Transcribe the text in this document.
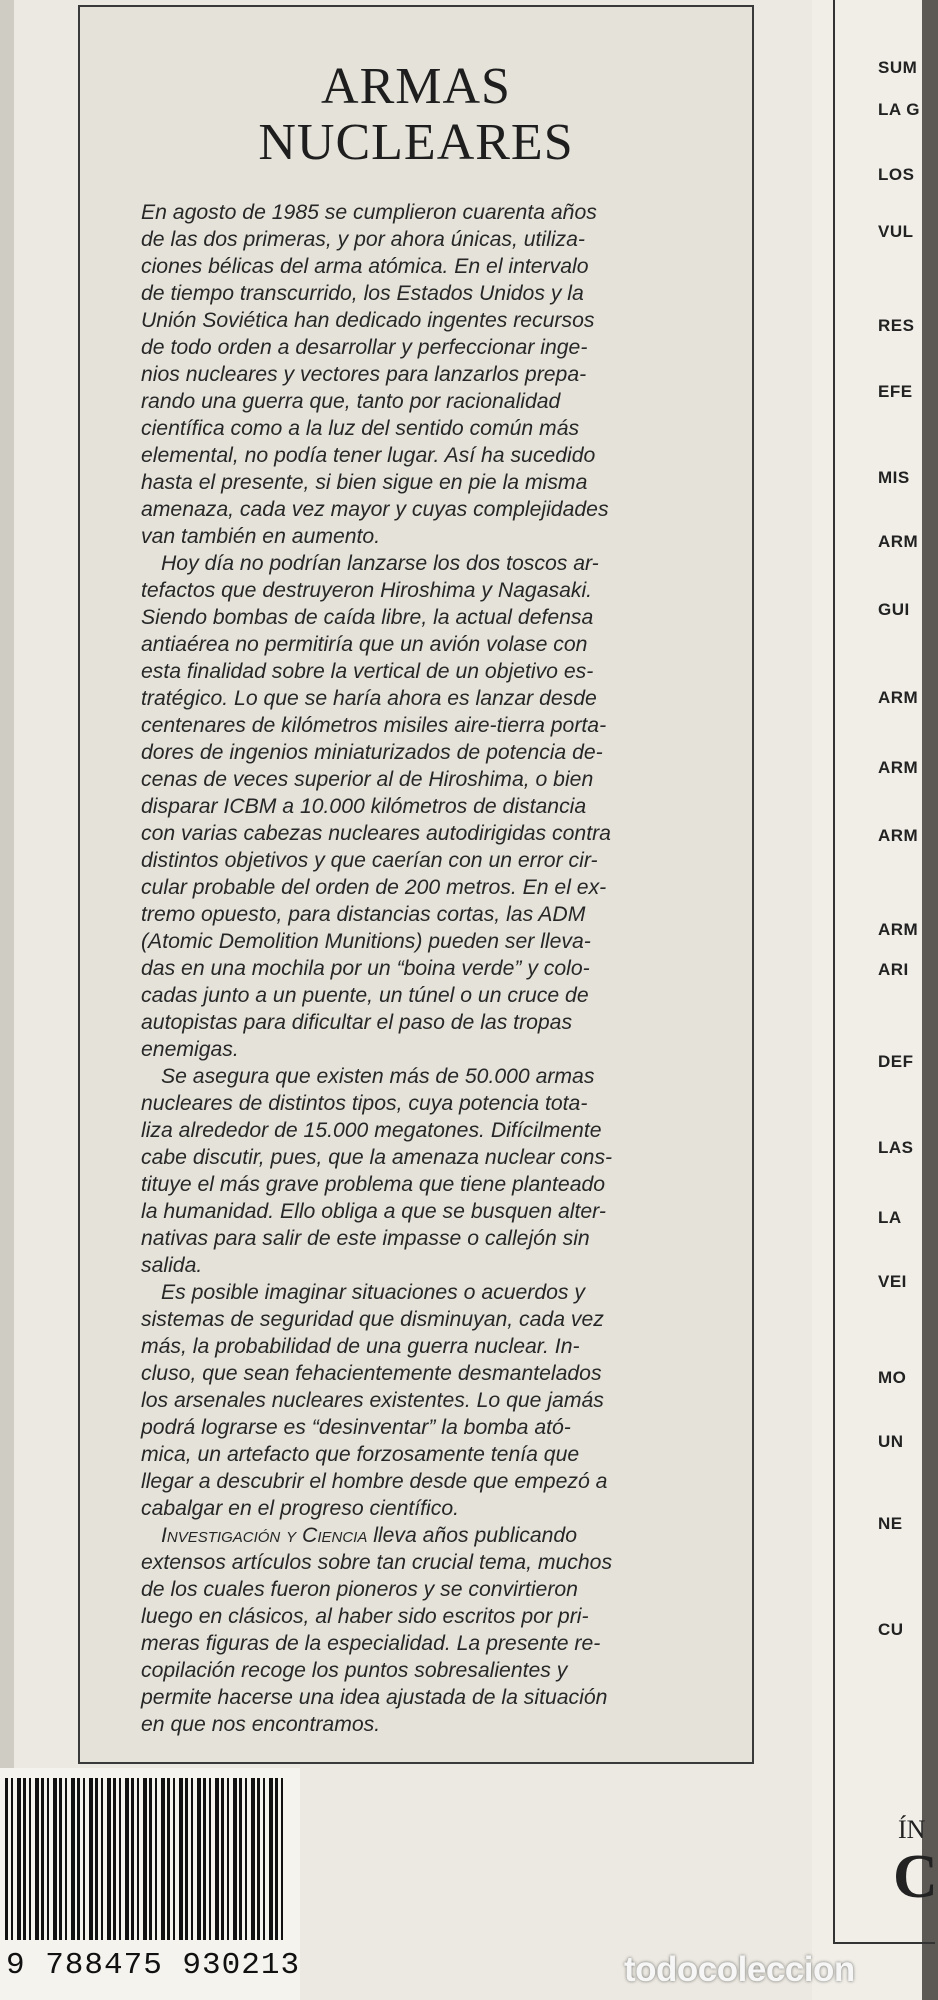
ARMAS
NUCLEARES
En agosto de 1985 se cumplieron cuarenta años
de las dos primeras, y por ahora únicas, utiliza-
ciones bélicas del arma atómica. En el intervalo
de tiempo transcurrido, los Estados Unidos y la
Unión Soviética han dedicado ingentes recursos
de todo orden a desarrollar y perfeccionar inge-
nios nucleares y vectores para lanzarlos prepa-
rando una guerra que, tanto por racionalidad
científica como a la luz del sentido común más
elemental, no podía tener lugar. Así ha sucedido
hasta el presente, si bien sigue en pie la misma
amenaza, cada vez mayor y cuyas complejidades
van también en aumento.
Hoy día no podrían lanzarse los dos toscos ar-
tefactos que destruyeron Hiroshima y Nagasaki.
Siendo bombas de caída libre, la actual defensa
antiaérea no permitiría que un avión volase con
esta finalidad sobre la vertical de un objetivo es-
tratégico. Lo que se haría ahora es lanzar desde
centenares de kilómetros misiles aire-tierra porta-
dores de ingenios miniaturizados de potencia de-
cenas de veces superior al de Hiroshima, o bien
disparar ICBM a 10.000 kilómetros de distancia
con varias cabezas nucleares autodirigidas contra
distintos objetivos y que caerían con un error cir-
cular probable del orden de 200 metros. En el ex-
tremo opuesto, para distancias cortas, las ADM
(Atomic Demolition Munitions) pueden ser lleva-
das en una mochila por un “boina verde” y colo-
cadas junto a un puente, un túnel o un cruce de
autopistas para dificultar el paso de las tropas
enemigas.
Se asegura que existen más de 50.000 armas
nucleares de distintos tipos, cuya potencia tota-
liza alrededor de 15.000 megatones. Difícilmente
cabe discutir, pues, que la amenaza nuclear cons-
tituye el más grave problema que tiene planteado
la humanidad. Ello obliga a que se busquen alter-
nativas para salir de este impasse o callejón sin
salida.
Es posible imaginar situaciones o acuerdos y
sistemas de seguridad que disminuyan, cada vez
más, la probabilidad de una guerra nuclear. In-
cluso, que sean fehacientemente desmantelados
los arsenales nucleares existentes. Lo que jamás
podrá lograrse es “desinventar” la bomba ató-
mica, un artefacto que forzosamente tenía que
llegar a descubrir el hombre desde que empezó a
cabalgar en el progreso científico.
Investigación y Ciencia lleva años publicando
extensos artículos sobre tan crucial tema, muchos
de los cuales fueron pioneros y se convirtieron
luego en clásicos, al haber sido escritos por pri-
meras figuras de la especialidad. La presente re-
copilación recoge los puntos sobresalientes y
permite hacerse una idea ajustada de la situación
en que nos encontramos.
9 788475 930213
SUM
LA G
LOS
VUL
RES
EFE
MIS
ARM
GUI
ARM
ARM
ARM
ARM
ARI
DEF
LAS
LA
VEI
MO
UN
NE
CU
ÍN
C
todocoleccion
